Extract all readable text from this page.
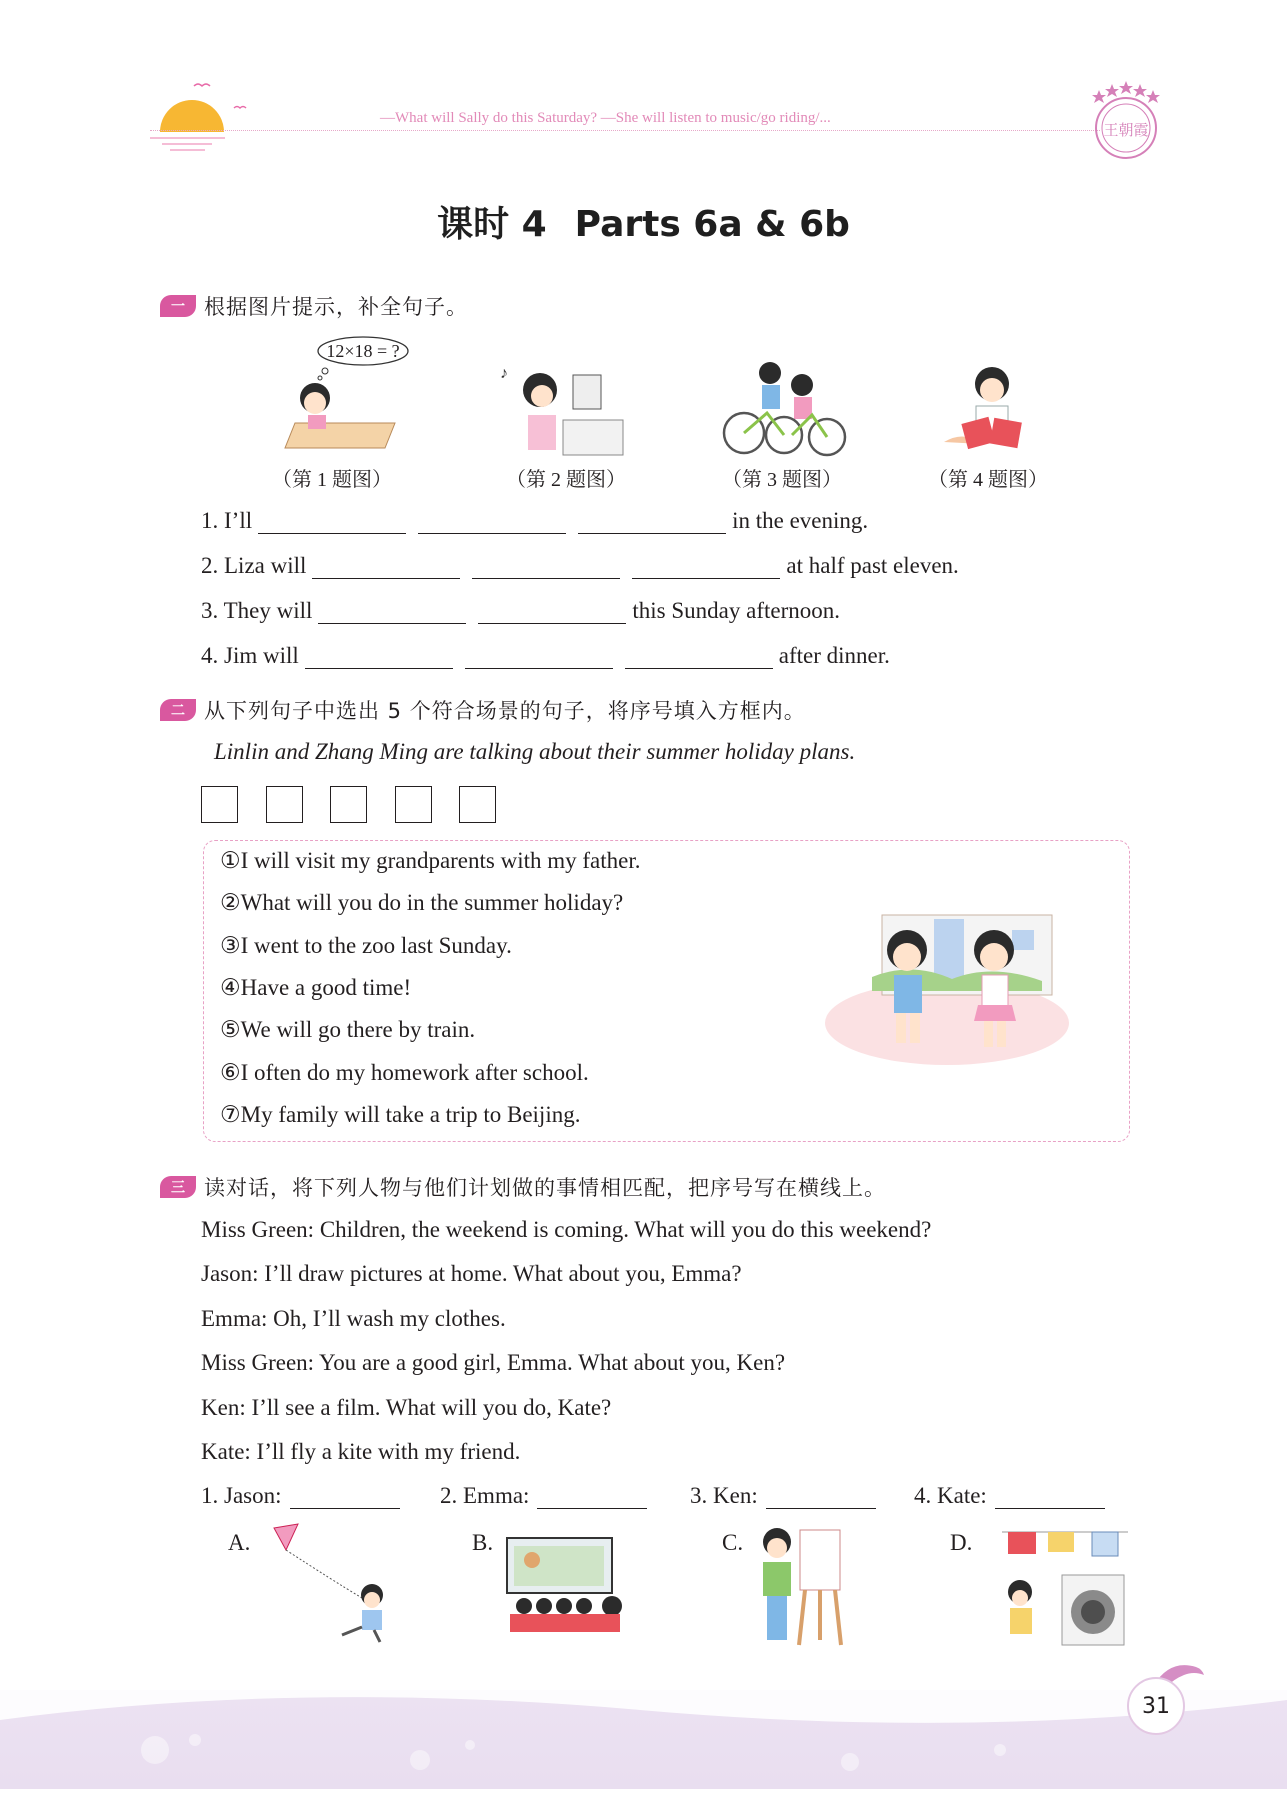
—What will Sally do this Saturday? —She will listen to music/go riding/...
王朝霞
课时 4 Parts 6a & 6b
一 根据图片提示，补全句子。
12×18 = ?
♪
（第 1 题图）	（第 2 题图）	（第 3 题图）	（第 4 题图）
1. I’ll	in the evening.
2. Liza will	at half past eleven.
3. They will	this Sunday afternoon.
4. Jim will	after dinner.
二 从下列句子中选出 5 个符合场景的句子，将序号填入方框内。
Linlin and Zhang Ming are talking about their summer holiday plans.
①I will visit my grandparents with my father.
②What will you do in the summer holiday?
③I went to the zoo last Sunday.
④Have a good time!
⑤We will go there by train.
⑥I often do my homework after school.
⑦My family will take a trip to Beijing.
三 读对话，将下列人物与他们计划做的事情相匹配，把序号写在横线上。
Miss Green: Children, the weekend is coming. What will you do this weekend?
Jason: I’ll draw pictures at home. What about you, Emma?
Emma: Oh, I’ll wash my clothes.
Miss Green: You are a good girl, Emma. What about you, Ken?
Ken: I’ll see a film. What will you do, Kate?
Kate: I’ll fly a kite with my friend.
1. Jason:	2. Emma:	3. Ken:	4. Kate:
A.	B.	C.	D.
31
